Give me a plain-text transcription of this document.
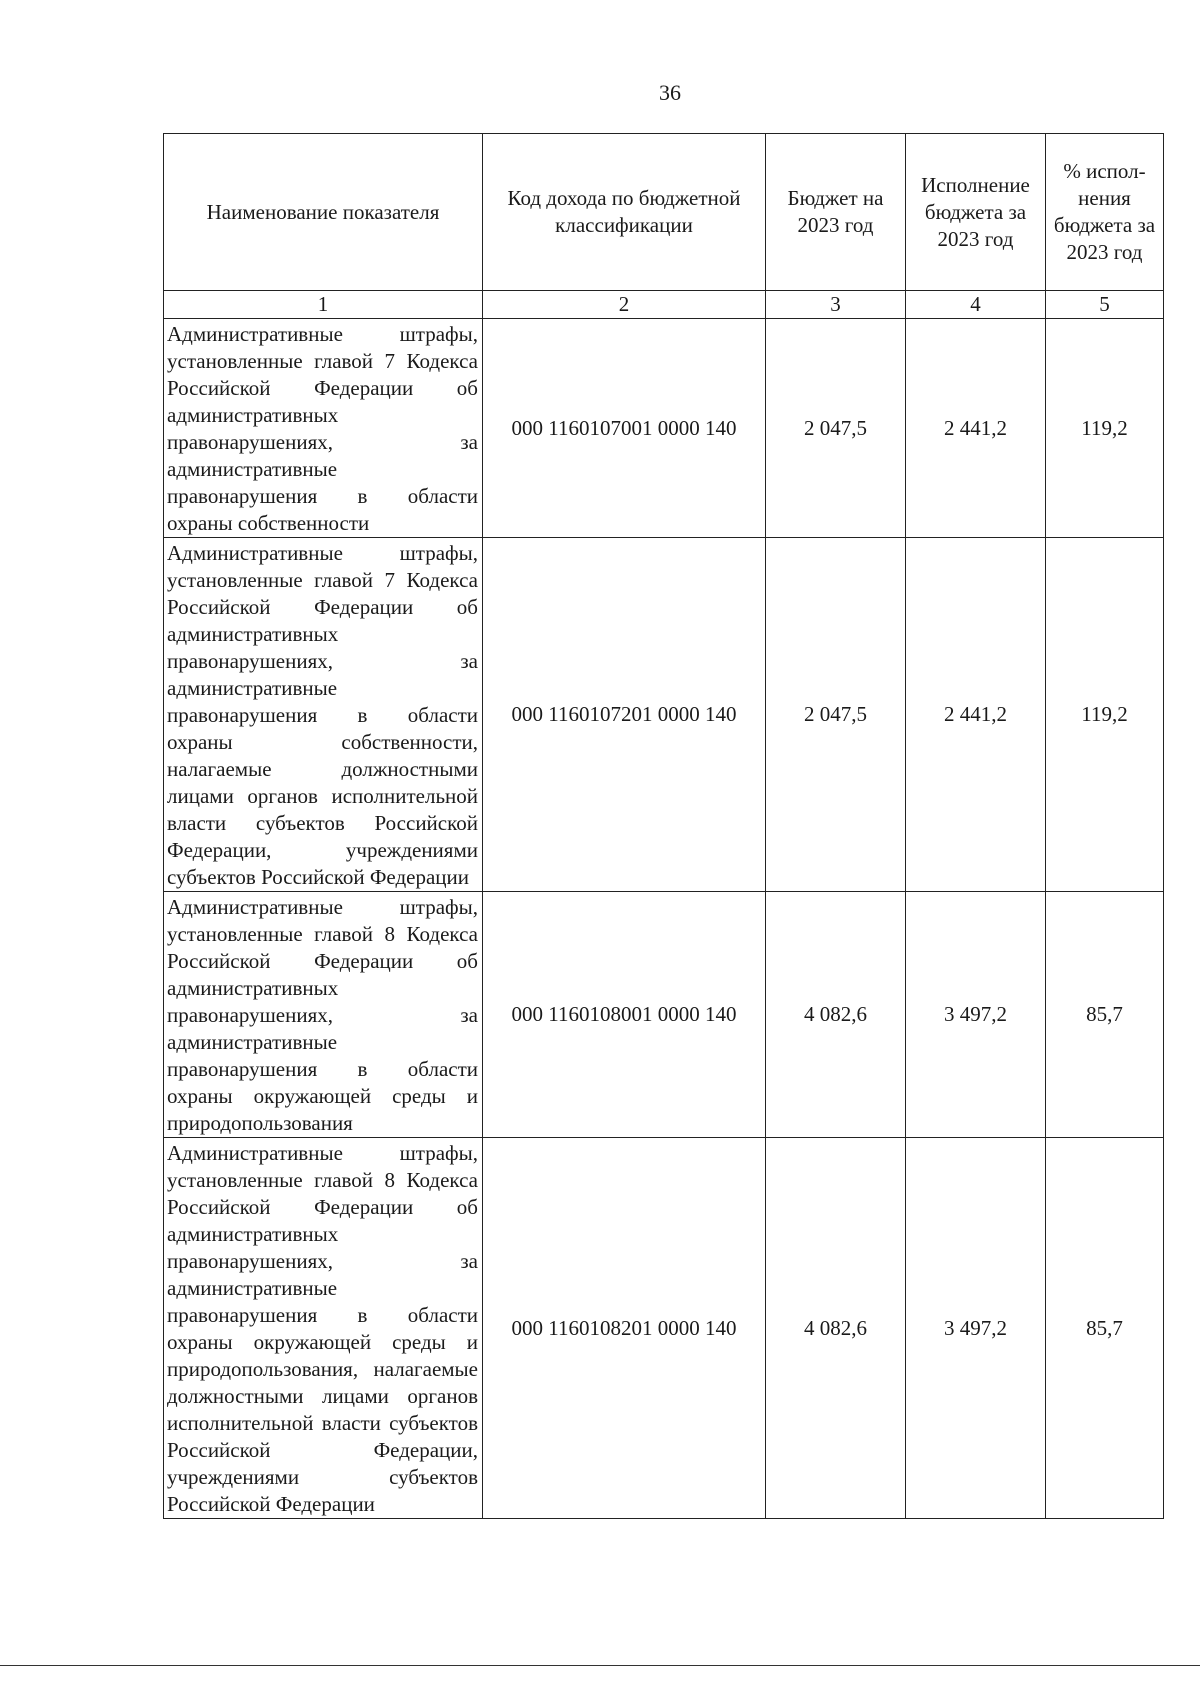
36
Наименование показателя	Код дохода по бюджетной классификации	Бюджет на 2023 год	Исполнение бюджета за 2023 год	% испол-нения бюджета за 2023 год
1	2	3	4	5
Административные штрафы, установленные главой 7 Кодекса Российской Федерации об административных правонарушениях, за административные правонарушения в области охраны собственности	000 1160107001 0000 140	2 047,5	2 441,2	119,2
Административные штрафы, установленные главой 7 Кодекса Российской Федерации об административных правонарушениях, за административные правонарушения в области охраны собственности, налагаемые должностными лицами органов исполнительной власти субъектов Российской Федерации, учреждениями субъектов Российской Федерации	000 1160107201 0000 140	2 047,5	2 441,2	119,2
Административные штрафы, установленные главой 8 Кодекса Российской Федерации об административных правонарушениях, за административные правонарушения в области охраны окружающей среды и природопользования	000 1160108001 0000 140	4 082,6	3 497,2	85,7
Административные штрафы, установленные главой 8 Кодекса Российской Федерации об административных правонарушениях, за административные правонарушения в области охраны окружающей среды и природопользования, налагаемые должностными лицами органов исполнительной власти субъектов Российской Федерации, учреждениями субъектов Российской Федерации	000 1160108201 0000 140	4 082,6	3 497,2	85,7
